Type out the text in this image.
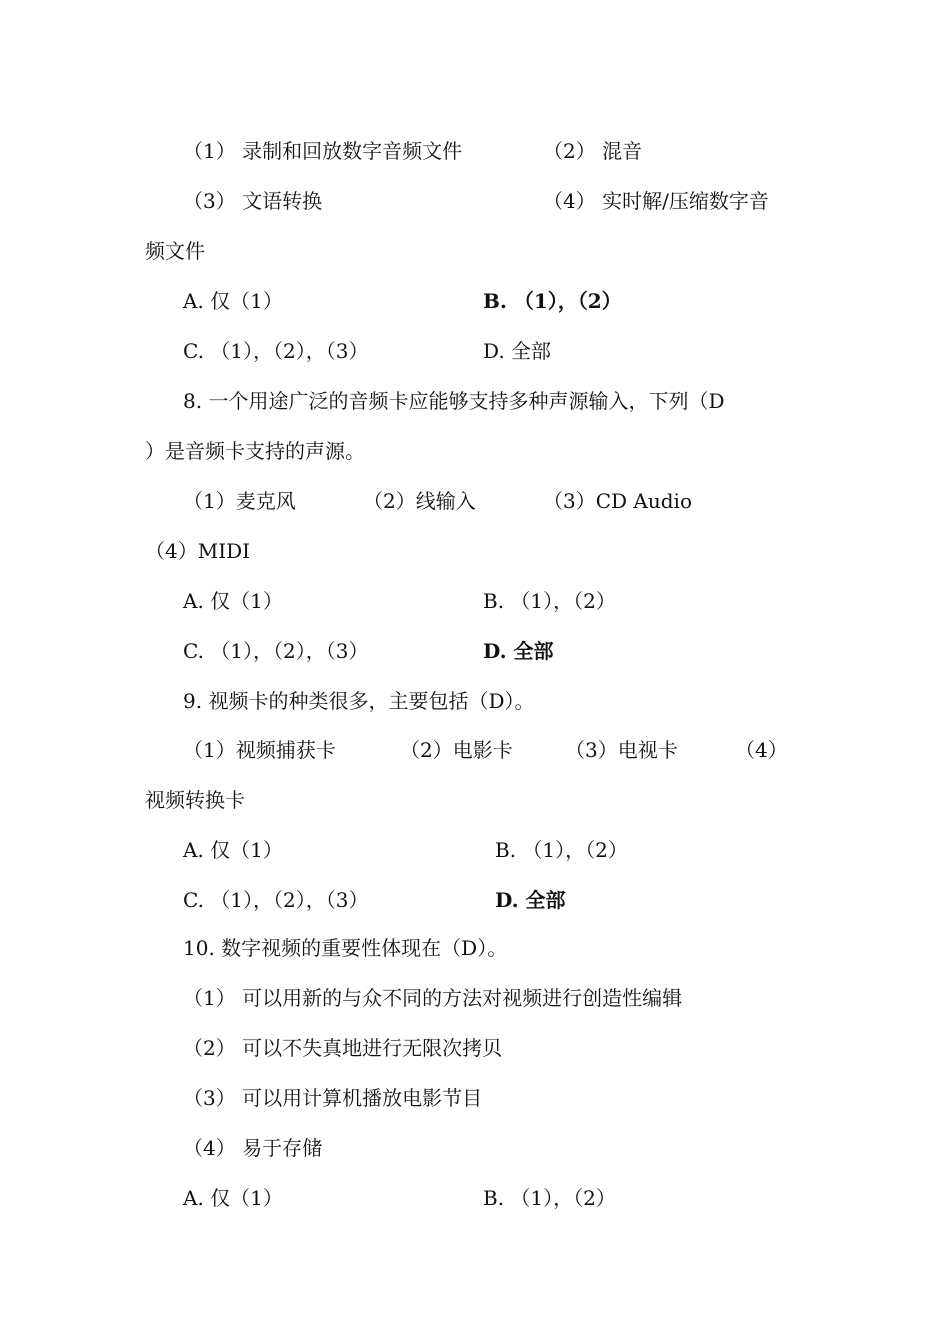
（1） 录制和回放数字音频文件	（2） 混音
（3） 文语转换	（4） 实时解/压缩数字音
频文件
A. 仅（1）	B. （1），（2）
C. （1），（2），（3）	D. 全部
8. 一个用途广泛的音频卡应能够支持多种声源输入，下列（D
）是音频卡支持的声源。
（1）麦克风	（2）线输入	（3）CD Audio
（4）MIDI
A. 仅（1）	B. （1），（2）
C. （1），（2），（3）	D. 全部
9. 视频卡的种类很多，主要包括（D）。
（1）视频捕获卡	（2）电影卡	（3）电视卡	（4）
视频转换卡
A. 仅（1）	B. （1），（2）
C. （1），（2），（3）	D. 全部
10. 数字视频的重要性体现在（D）。
（1） 可以用新的与众不同的方法对视频进行创造性编辑
（2） 可以不失真地进行无限次拷贝
（3） 可以用计算机播放电影节目
（4） 易于存储
A. 仅（1）	B. （1），（2）
